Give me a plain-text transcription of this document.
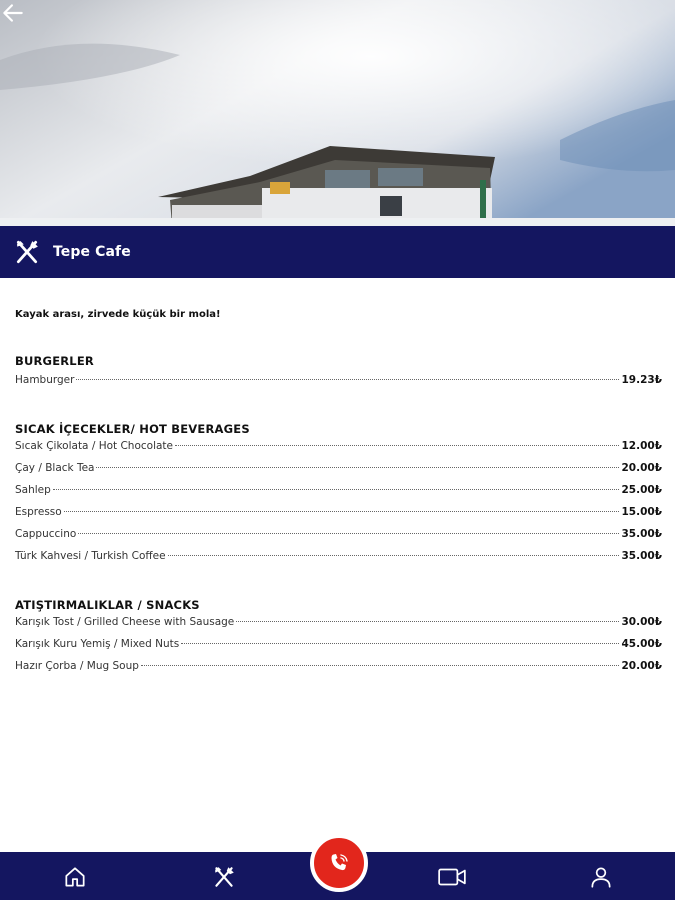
Tepe Cafe
Kayak arası, zirvede küçük bir mola!
BURGERLER
Hamburger	19.23₺
SICAK İÇECEKLER/ HOT BEVERAGES
Sıcak Çikolata / Hot Chocolate	12.00₺
Çay / Black Tea	20.00₺
Sahlep	25.00₺
Espresso	15.00₺
Cappuccino	35.00₺
Türk Kahvesi / Turkish Coffee	35.00₺
ATIŞTIRMALIKLAR / SNACKS
Karışık Tost / Grilled Cheese with Sausage	30.00₺
Karışık Kuru Yemiş / Mixed Nuts	45.00₺
Hazır Çorba / Mug Soup	20.00₺
